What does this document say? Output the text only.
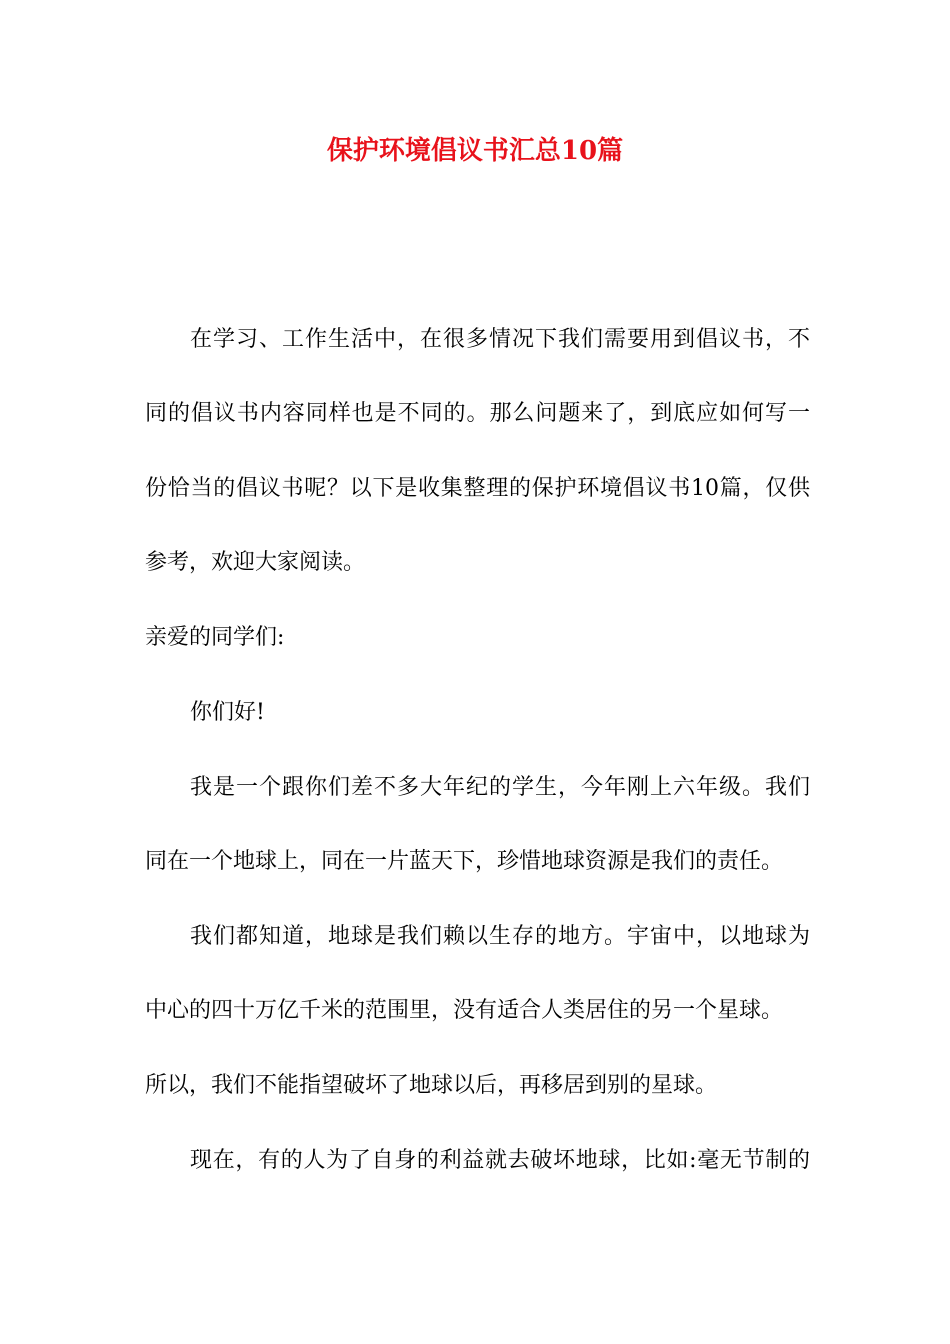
保护环境倡议书汇总10篇
在学习、工作生活中，在很多情况下我们需要用到倡议书，不
同的倡议书内容同样也是不同的。那么问题来了，到底应如何写一
份恰当的倡议书呢？以下是收集整理的保护环境倡议书10篇，仅供
参考，欢迎大家阅读。
亲爱的同学们:
你们好!
我是一个跟你们差不多大年纪的学生，今年刚上六年级。我们
同在一个地球上，同在一片蓝天下，珍惜地球资源是我们的责任。
我们都知道，地球是我们赖以生存的地方。宇宙中，以地球为
中心的四十万亿千米的范围里，没有适合人类居住的另一个星球。
所以，我们不能指望破坏了地球以后，再移居到别的星球。
现在，有的人为了自身的利益就去破坏地球，比如:毫无节制的
